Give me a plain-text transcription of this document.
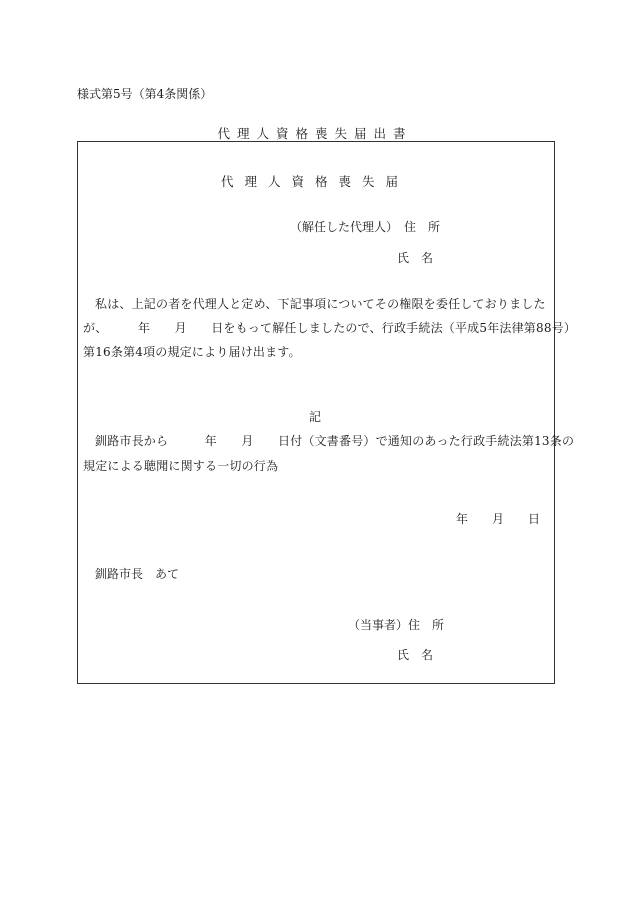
様式第5号（第4条関係）
代理人資格喪失届出書
代理人資格喪失届
（解任した代理人）　住　所
氏　名
私は、上記の者を代理人と定め、下記事項についてその権限を委任しておりました
が、　　　年　　月　　日をもって解任しましたので、行政手続法（平成5年法律第88号）
第16条第4項の規定により届け出ます。
記
釧路市長から　　　年　　月　　日付（文書番号）で通知のあった行政手続法第13条の
規定による聴聞に関する一切の行為
年　　月　　日
釧路市長　あて
（当事者）住　所
氏　名
